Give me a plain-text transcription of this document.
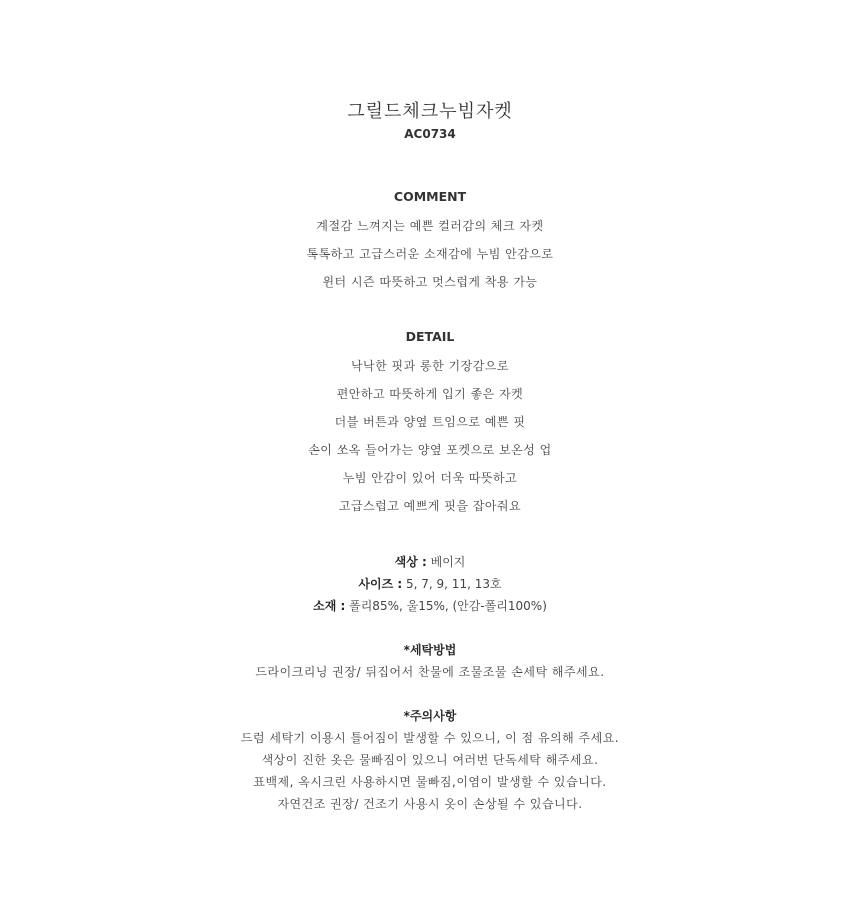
그릴드체크누빔자켓
AC0734
COMMENT
계절감 느껴지는 예쁜 컬러감의 체크 자켓
톡톡하고 고급스러운 소재감에 누빔 안감으로
윈터 시즌 따뜻하고 멋스럽게 착용 가능
DETAIL
낙낙한 핏과 롱한 기장감으로
편안하고 따뜻하게 입기 좋은 자켓
더블 버튼과 양옆 트임으로 예쁜 핏
손이 쏘옥 들어가는 양옆 포켓으로 보온성 업
누빔 안감이 있어 더욱 따뜻하고
고급스럽고 예쁘게 핏을 잡아줘요
색상 : 베이지
사이즈 : 5, 7, 9, 11, 13호
소재 : 폴리85%, 울15%, (안감-폴리100%)
*세탁방법
드라이크리닝 권장/ 뒤집어서 찬물에 조물조물 손세탁 해주세요.
*주의사항
드럼 세탁기 이용시 틀어짐이 발생할 수 있으니, 이 점 유의해 주세요.
색상이 진한 옷은 물빠짐이 있으니 여러번 단독세탁 해주세요.
표백제, 옥시크린 사용하시면 물빠짐,이염이 발생할 수 있습니다.
자연건조 권장/ 건조기 사용시 옷이 손상될 수 있습니다.
